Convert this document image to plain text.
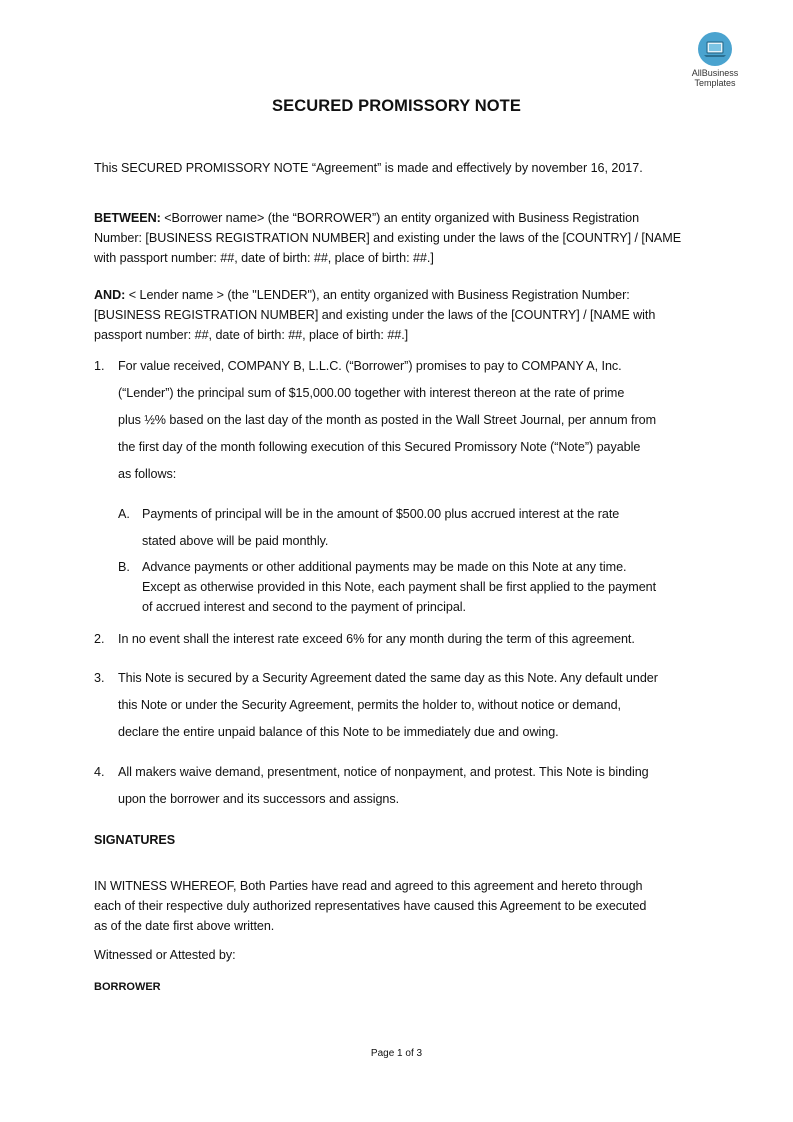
AllBusiness
Templates
SECURED PROMISSORY NOTE
This SECURED PROMISSORY NOTE “Agreement” is made and effectively by november 16, 2017.
BETWEEN: <Borrower name> (the “BORROWER”) an entity organized with Business Registration
Number: [BUSINESS REGISTRATION NUMBER] and existing under the laws of the [COUNTRY] / [NAME
with passport number: ##, date of birth: ##, place of birth: ##.]
AND: < Lender name > (the "LENDER"), an entity organized with Business Registration Number:
[BUSINESS REGISTRATION NUMBER] and existing under the laws of the [COUNTRY] / [NAME with
passport number: ##, date of birth: ##, place of birth: ##.]
1. For value received, COMPANY B, L.L.C. (“Borrower”) promises to pay to COMPANY A, Inc.
(“Lender”) the principal sum of $15,000.00 together with interest thereon at the rate of prime
plus ½% based on the last day of the month as posted in the Wall Street Journal, per annum from
the first day of the month following execution of this Secured Promissory Note (“Note”) payable
as follows:
A. Payments of principal will be in the amount of $500.00 plus accrued interest at the rate
stated above will be paid monthly.
B. Advance payments or other additional payments may be made on this Note at any time.
Except as otherwise provided in this Note, each payment shall be first applied to the payment
of accrued interest and second to the payment of principal.
2. In no event shall the interest rate exceed 6% for any month during the term of this agreement.
3. This Note is secured by a Security Agreement dated the same day as this Note. Any default under
this Note or under the Security Agreement, permits the holder to, without notice or demand,
declare the entire unpaid balance of this Note to be immediately due and owing.
4. All makers waive demand, presentment, notice of nonpayment, and protest. This Note is binding
upon the borrower and its successors and assigns.
SIGNATURES
IN WITNESS WHEREOF, Both Parties have read and agreed to this agreement and hereto through
each of their respective duly authorized representatives have caused this Agreement to be executed
as of the date first above written.
Witnessed or Attested by:
BORROWER
Page 1 of 3
